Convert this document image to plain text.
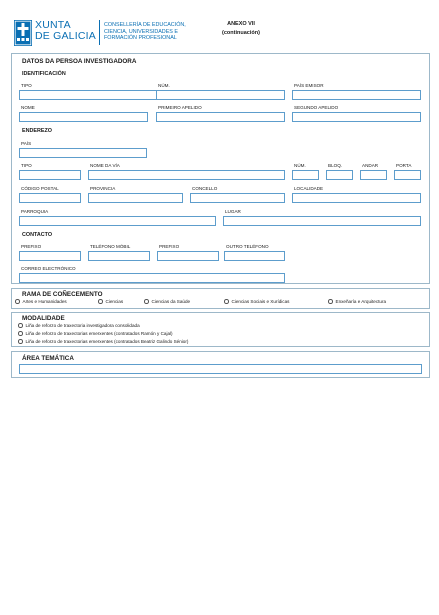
XUNTA
DE GALICIA
CONSELLERÍA DE EDUCACIÓN,
CIENCIA, UNIVERSIDADES E
FORMACIÓN PROFESIONAL
ANEXO VII
(continuación)
DATOS DA PERSOA INVESTIGADORA
IDENTIFICACIÓN
TIPO	NÚM.	PAÍS EMISOR
NOME	PRIMEIRO APELIDO	SEGUNDO APELIDO
ENDEREZO
PAÍS
TIPO	NOME DA VÍA	NÚM.	BLOQ.	ANDAR	PORTA
CÓDIGO POSTAL	PROVINCIA	CONCELLO	LOCALIDADE
PARROQUIA	LUGAR
CONTACTO
PREFIXO	TELÉFONO MÓBIL	PREFIXO	OUTRO TELÉFONO
CORREO ELECTRÓNICO
RAMA DE COÑECEMENTO
Artes e Humanidades	Ciencias	Ciencias da Saúde	Ciencias Sociais e Xurídicas	Enxeñaría e Arquitectura
MODALIDADE
Liña de reforzo de traxectoria investigadora consolidada
Liña de reforzo de traxectorias emerxentes (contratados Ramón y Cajal)
Liña de reforzo de traxectorias emerxentes (contratados Beatriz Galindo Sénior)
ÁREA TEMÁTICA
